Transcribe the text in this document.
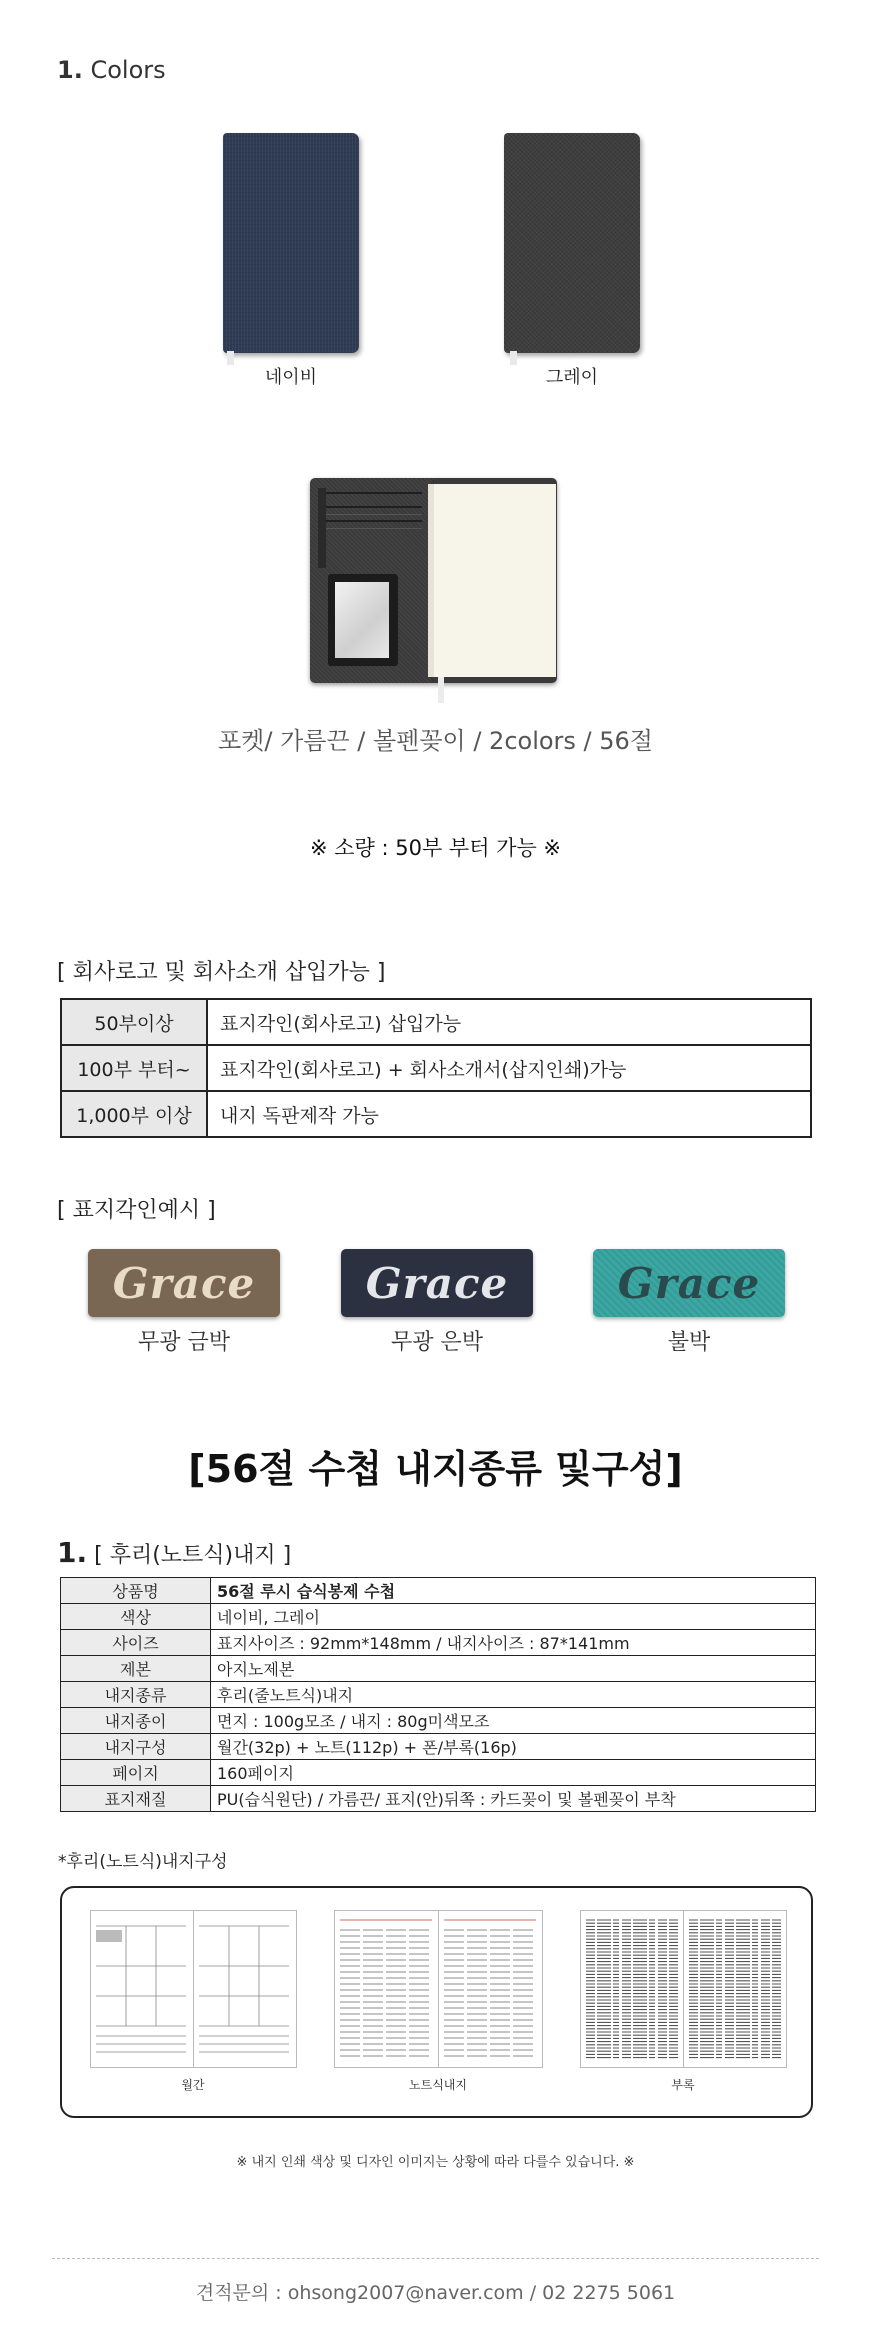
1. Colors
네이비	그레이
포켓/ 가름끈 / 볼펜꽂이 / 2colors / 56절
※ 소량 : 50부 부터 가능 ※
[ 회사로고 및 회사소개 삽입가능 ]
50부이상	표지각인(회사로고) 삽입가능
100부 부터~	표지각인(회사로고) + 회사소개서(삽지인쇄)가능
1,000부 이상	내지 독판제작 가능
[ 표지각인예시 ]
Grace
무광 금박
Grace
무광 은박
Grace
불박
[56절 수첩 내지종류 및구성]
1. [ 후리(노트식)내지 ]
상품명	56절 루시 습식봉제 수첩
색상	네이비, 그레이
사이즈	표지사이즈 : 92mm*148mm / 내지사이즈 : 87*141mm
제본	아지노제본
내지종류	후리(줄노트식)내지
내지종이	면지 : 100g모조 / 내지 : 80g미색모조
내지구성	월간(32p) + 노트(112p) + 폰/부록(16p)
페이지	160페이지
표지재질	PU(습식원단) / 가름끈/ 표지(안)뒤쪽 : 카드꽂이 및 볼펜꽂이 부착
*후리(노트식)내지구성
월간	노트식내지	부록
※ 내지 인쇄 색상 및 디자인 이미지는 상황에 따라 다를수 있습니다. ※
견적문의 : ohsong2007@naver.com / 02 2275 5061
